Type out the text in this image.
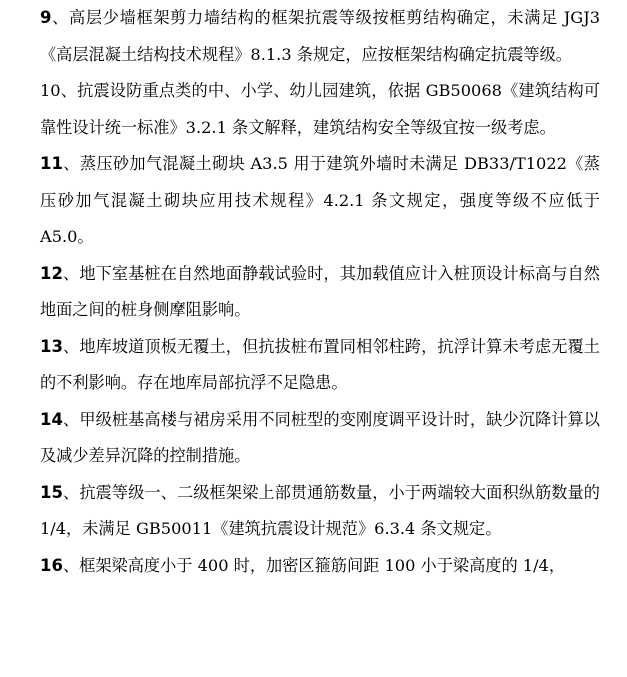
9、高层少墙框架剪力墙结构的框架抗震等级按框剪结构确定，未满足 JGJ3《高层混凝土结构技术规程》8.1.3 条规定，应按框架结构确定抗震等级。

10、抗震设防重点类的中、小学、幼儿园建筑，依据 GB50068《建筑结构可靠性设计统一标准》3.2.1 条文解释，建筑结构安全等级宜按一级考虑。

11、蒸压砂加气混凝土砌块 A3.5 用于建筑外墙时未满足 DB33/T1022《蒸压砂加气混凝土砌块应用技术规程》4.2.1 条文规定，强度等级不应低于 A5.0。

12、地下室基桩在自然地面静载试验时，其加载值应计入桩顶设计标高与自然地面之间的桩身侧摩阻影响。

13、地库坡道顶板无覆土，但抗拔桩布置同相邻柱跨，抗浮计算未考虑无覆土的不利影响。存在地库局部抗浮不足隐患。

14、甲级桩基高楼与裙房采用不同桩型的变刚度调平设计时，缺少沉降计算以及减少差异沉降的控制措施。

15、抗震等级一、二级框架梁上部贯通筋数量，小于两端较大面积纵筋数量的 1/4，未满足 GB50011《建筑抗震设计规范》6.3.4 条文规定。

16、框架梁高度小于 400 时，加密区箍筋间距 100 小于梁高度的 1/4，
